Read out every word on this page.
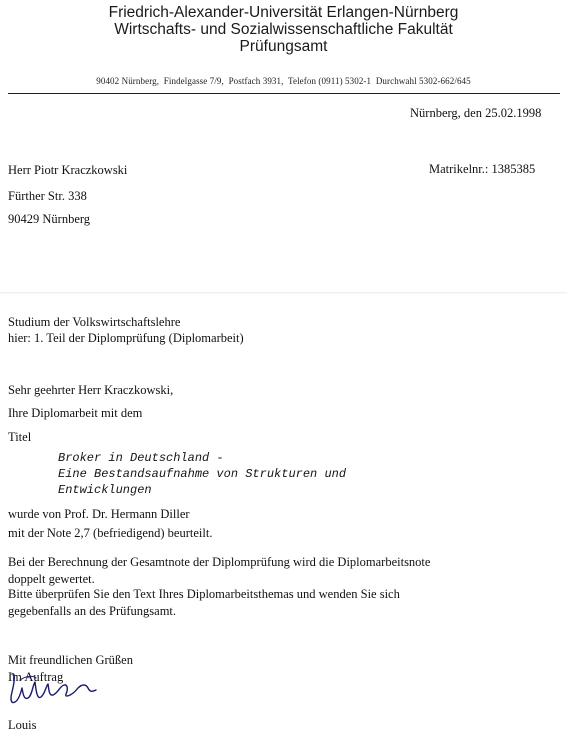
Friedrich-Alexander-Universität Erlangen-Nürnberg
Wirtschafts- und Sozialwissenschaftliche Fakultät
Prüfungsamt
90402 Nürnberg,  Findelgasse 7/9,  Postfach 3931,  Telefon (0911) 5302-1  Durchwahl 5302-662/645
Nürnberg, den 25.02.1998
Herr Piotr Kraczkowski	Matrikelnr.: 1385385
Fürther Str. 338
90429 Nürnberg
Studium der Volkswirtschaftslehre
hier: 1. Teil der Diplomprüfung (Diplomarbeit)
Sehr geehrter Herr Kraczkowski,
Ihre Diplomarbeit mit dem
Titel
Broker in Deutschland -
Eine Bestandsaufnahme von Strukturen und
Entwicklungen
wurde von Prof. Dr. Hermann Diller
mit der Note 2,7 (befriedigend) beurteilt.
Bei der Berechnung der Gesamtnote der Diplomprüfung wird die Diplomarbeitsnote
doppelt gewertet.
Bitte überprüfen Sie den Text Ihres Diplomarbeitsthemas und wenden Sie sich
gegebenfalls an des Prüfungsamt.
Mit freundlichen Grüßen
Im Auftrag
Louis
